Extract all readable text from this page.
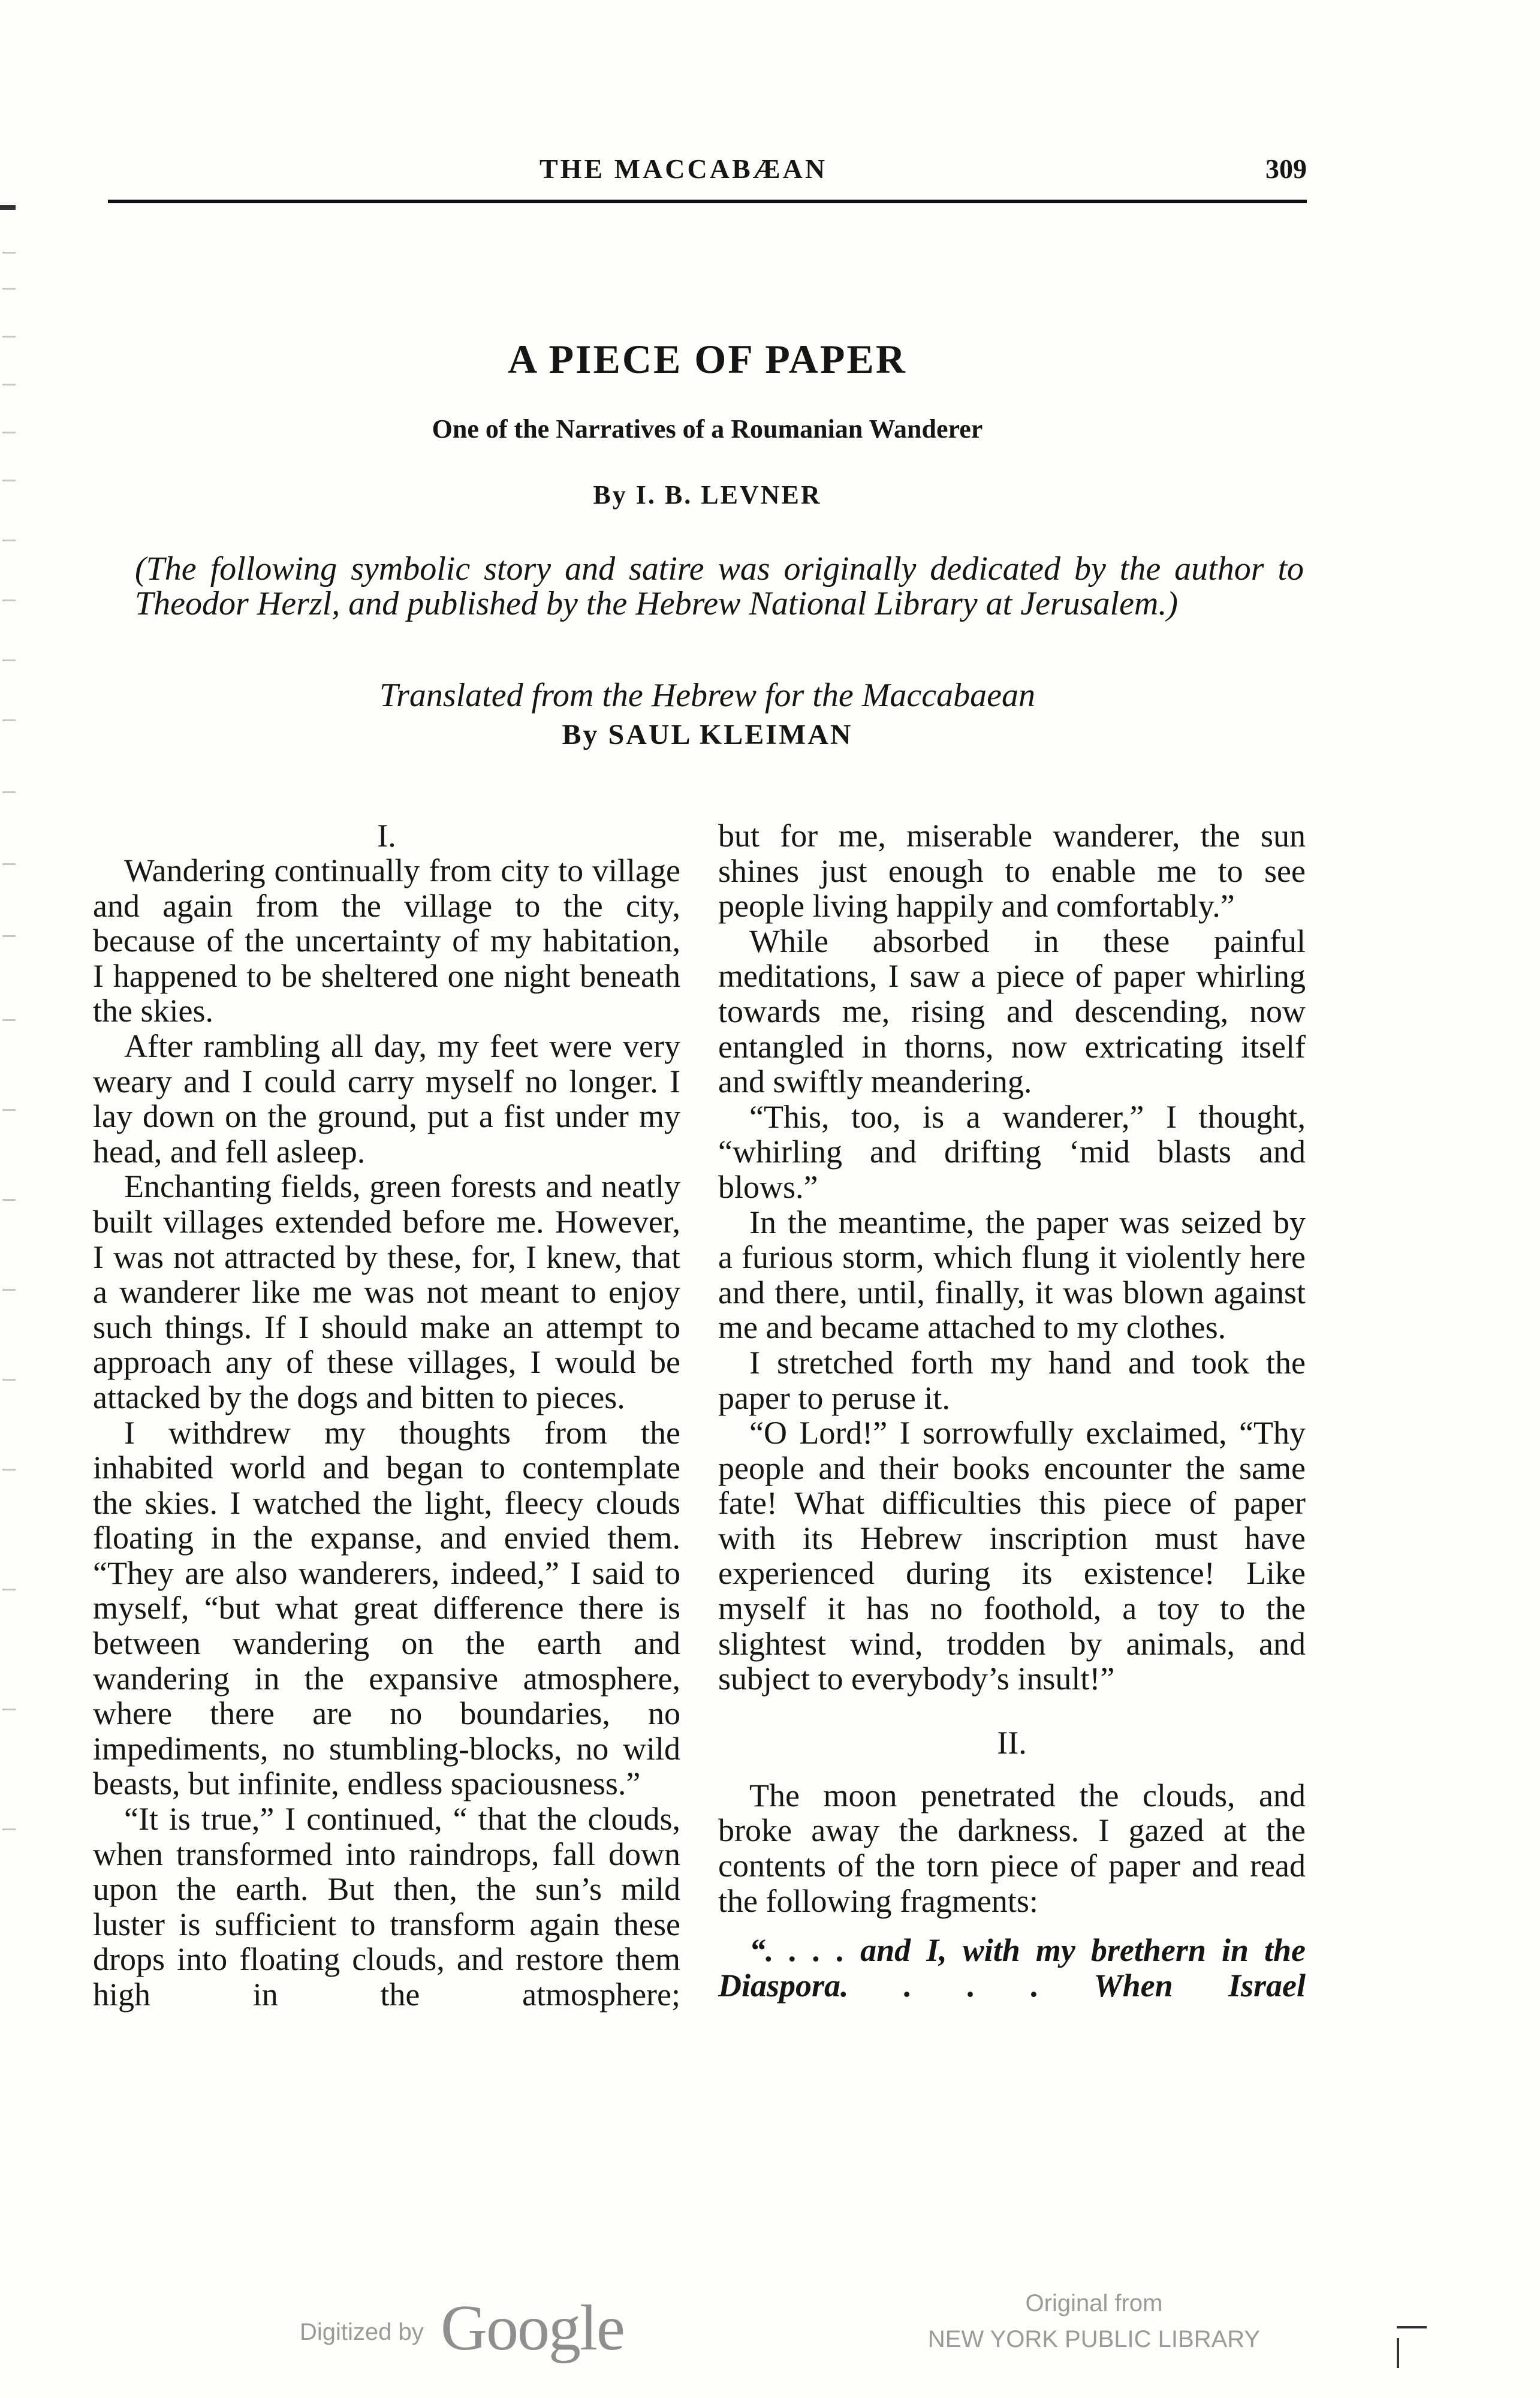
THE MACCABÆAN	309
A PIECE OF PAPER
One of the Narratives of a Roumanian Wanderer
By I. B. LEVNER
(The following symbolic story and satire was originally dedicated by the author to Theodor Herzl, and published by the Hebrew National Library at Jerusalem.)
Translated from the Hebrew for the Maccabaean
By SAUL KLEIMAN
I.

Wandering continually from city to village and again from the village to the city, because of the uncertainty of my habitation, I happened to be sheltered one night beneath the skies.

After rambling all day, my feet were very weary and I could carry myself no longer. I lay down on the ground, put a fist under my head, and fell asleep.

Enchanting fields, green forests and neatly built villages extended before me. However, I was not attracted by these, for, I knew, that a wanderer like me was not meant to enjoy such things. If I should make an attempt to approach any of these villages, I would be attacked by the dogs and bitten to pieces.

I withdrew my thoughts from the inhabited world and began to contemplate the skies. I watched the light, fleecy clouds floating in the expanse, and envied them. “They are also wanderers, indeed,” I said to myself, “but what great difference there is between wandering on the earth and wandering in the expansive atmosphere, where there are no boundaries, no impediments, no stumbling-blocks, no wild beasts, but infinite, endless spaciousness.”

“It is true,” I continued, “ that the clouds, when transformed into raindrops, fall down upon the earth. But then, the sun’s mild luster is sufficient to transform again these drops into floating clouds, and restore them high in the atmosphere;

but for me, miserable wanderer, the sun shines just enough to enable me to see people living happily and comfortably.”

While absorbed in these painful meditations, I saw a piece of paper whirling towards me, rising and descending, now entangled in thorns, now extricating itself and swiftly meandering.

“This, too, is a wanderer,” I thought, “whirling and drifting ‘mid blasts and blows.”

In the meantime, the paper was seized by a furious storm, which flung it violently here and there, until, finally, it was blown against me and became attached to my clothes.

I stretched forth my hand and took the paper to peruse it.

“O Lord!” I sorrowfully exclaimed, “Thy people and their books encounter the same fate! What difficulties this piece of paper with its Hebrew inscription must have experienced during its existence! Like myself it has no foothold, a toy to the slightest wind, trodden by animals, and subject to everybody’s insult!”

II.

The moon penetrated the clouds, and broke away the darkness. I gazed at the contents of the torn piece of paper and read the following fragments:

“. . . . and I, with my brethern in the Diaspora. . . . When Israel

Digitized by Google	Original from
NEW YORK PUBLIC LIBRARY
